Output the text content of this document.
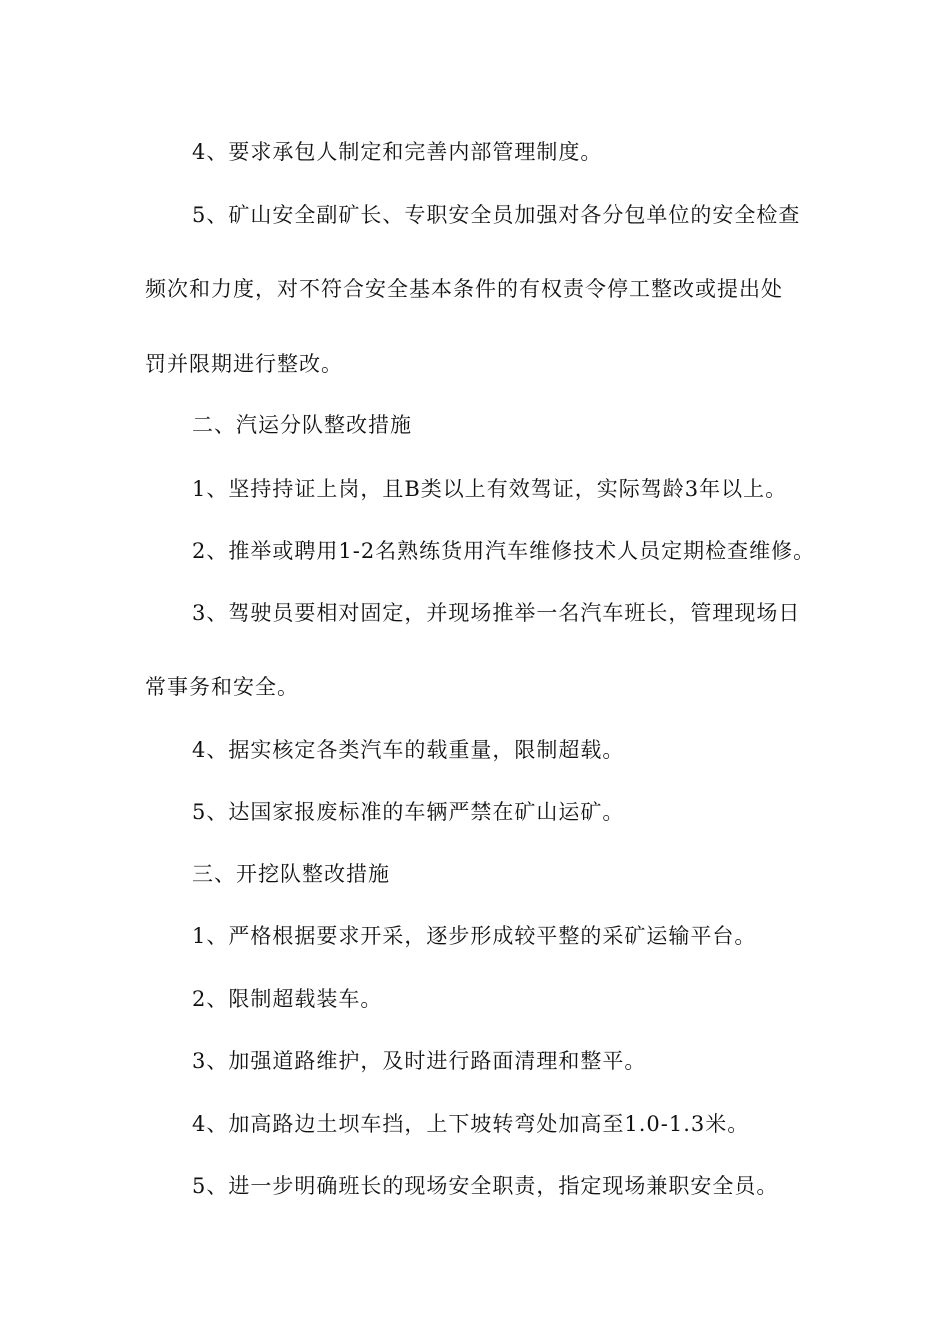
4、要求承包人制定和完善内部管理制度。
5、矿山安全副矿长、专职安全员加强对各分包单位的安全检查
频次和力度，对不符合安全基本条件的有权责令停工整改或提出处
罚并限期进行整改。
二、汽运分队整改措施
1、坚持持证上岗，且B类以上有效驾证，实际驾龄3年以上。
2、推举或聘用1-2名熟练货用汽车维修技术人员定期检查维修。
3、驾驶员要相对固定，并现场推举一名汽车班长，管理现场日
常事务和安全。
4、据实核定各类汽车的载重量，限制超载。
5、达国家报废标准的车辆严禁在矿山运矿。
三、开挖队整改措施
1、严格根据要求开采，逐步形成较平整的采矿运输平台。
2、限制超载装车。
3、加强道路维护，及时进行路面清理和整平。
4、加高路边土坝车挡，上下坡转弯处加高至1.0-1.3米。
5、进一步明确班长的现场安全职责，指定现场兼职安全员。
